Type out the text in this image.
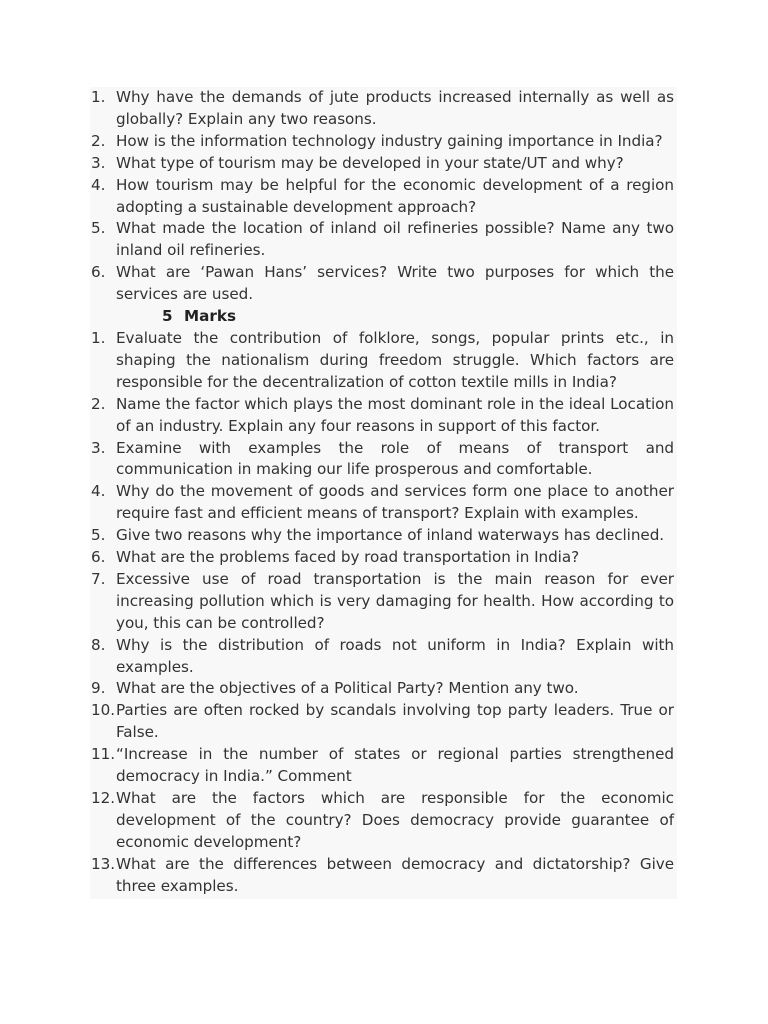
1. Why have the demands of jute products increased internally as well as globally? Explain any two reasons.
2. How is the information technology industry gaining importance in India?
3. What type of tourism may be developed in your state/UT and why?
4. How tourism may be helpful for the economic development of a region adopting a sustainable development approach?
5. What made the location of inland oil refineries possible? Name any two inland oil refineries.
6. What are ‘Pawan Hans’ services? Write two purposes for which the services are used.
5 Marks
1. Evaluate the contribution of folklore, songs, popular prints etc., in shaping the nationalism during freedom struggle. Which factors are responsible for the decentralization of cotton textile mills in India?
2. Name the factor which plays the most dominant role in the ideal Location of an industry. Explain any four reasons in support of this factor.
3. Examine with examples the role of means of transport and communication in making our life prosperous and comfortable.
4. Why do the movement of goods and services form one place to another require fast and efficient means of transport? Explain with examples.
5. Give two reasons why the importance of inland waterways has declined.
6. What are the problems faced by road transportation in India?
7. Excessive use of road transportation is the main reason for ever increasing pollution which is very damaging for health. How according to you, this can be controlled?
8. Why is the distribution of roads not uniform in India? Explain with examples.
9. What are the objectives of a Political Party? Mention any two.
10. Parties are often rocked by scandals involving top party leaders. True or False.
11. “Increase in the number of states or regional parties strengthened democracy in India.” Comment
12. What are the factors which are responsible for the economic development of the country? Does democracy provide guarantee of economic development?
13. What are the differences between democracy and dictatorship? Give three examples.
